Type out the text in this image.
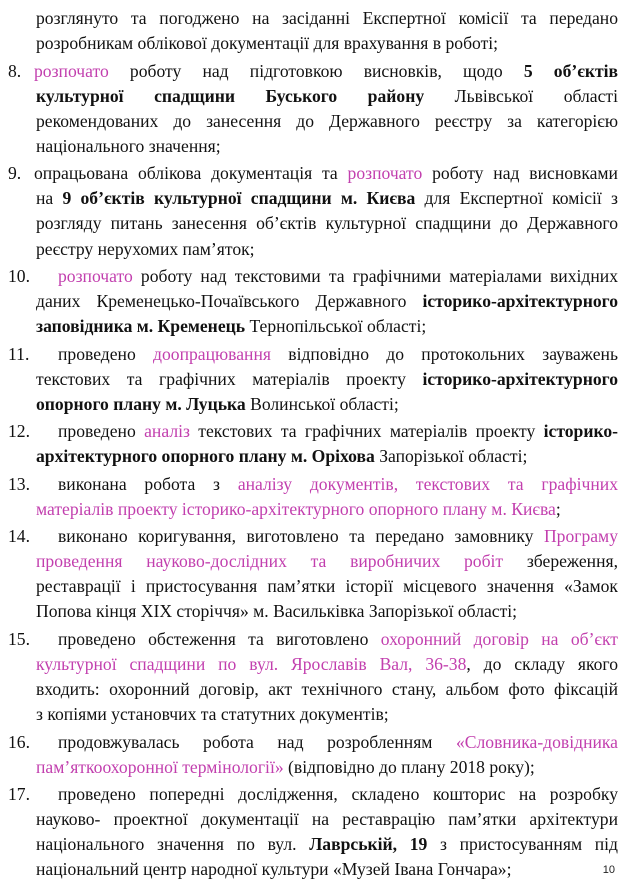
розглянуто та погоджено на засіданні Експертної комісії та передано
розробникам облікової документації для врахування в роботі;
8. розпочато роботу над підготовкою висновків, щодо 5 об’єктів
культурної спадщини Буського району Львівської області
рекомендованих до занесення до Державного реєстру за категорією
національного значення;
9. опрацьована облікова документація та розпочато роботу над висновками
на 9 об’єктів культурної спадщини м. Києва для Експертної комісії з
розгляду питань занесення об’єктів культурної спадщини до Державного
реєстру нерухомих пам’яток;
10. розпочато роботу над текстовими та графічними матеріалами вихідних
даних Кременецько-Почаївського Державного історико-архітектурного
заповідника м. Кременець Тернопільської області;
11. проведено доопрацювання відповідно до протокольних зауважень
текстових та графічних матеріалів проекту історико-архітектурного
опорного плану м. Луцька Волинської області;
12. проведено аналіз текстових та графічних матеріалів проекту історико-
архітектурного опорного плану м. Оріхова Запорізької області;
13. виконана робота з аналізу документів, текстових та графічних
матеріалів проекту історико-архітектурного опорного плану м. Києва;
14. виконано коригування, виготовлено та передано замовнику Програму
проведення науково-дослідних та виробничих робіт збереження,
реставрації і пристосування пам’ятки історії місцевого значення «Замок
Попова кінця XIX сторіччя» м. Васильківка Запорізької області;
15. проведено обстеження та виготовлено охоронний договір на об’єкт
культурної спадщини по вул. Ярославів Вал, 36-38, до складу якого
входить: охоронний договір, акт технічного стану, альбом фото фіксацій
з копіями установчих та статутних документів;
16. продовжувалась робота над розробленням «Словника-довідника
пам’яткоохоронної термінології» (відповідно до плану 2018 року);
17. проведено попередні дослідження, складено кошторис на розробку
науково- проектної документації на реставрацію пам’ятки архітектури
національного значення по вул. Лаврській, 19 з пристосуванням під
національний центр народної культури «Музей Івана Гончара»;	10
